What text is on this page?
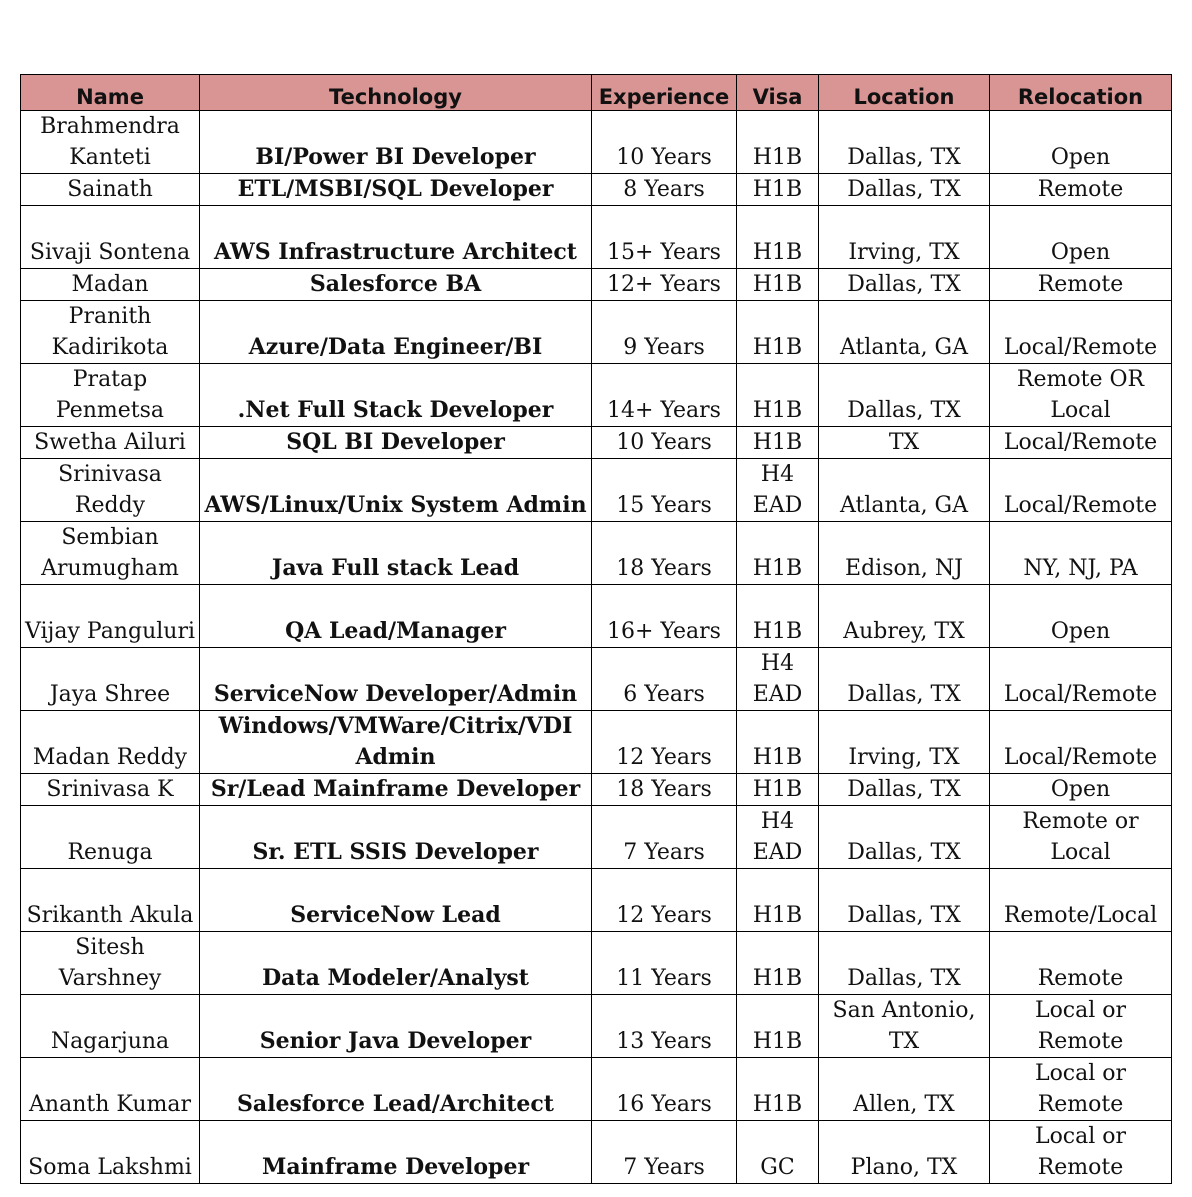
Name	Technology	Experience	Visa	Location	Relocation
Brahmendra Kanteti	BI/Power BI Developer	10 Years	H1B	Dallas, TX	Open
Sainath	ETL/MSBI/SQL Developer	8 Years	H1B	Dallas, TX	Remote
Sivaji Sontena	AWS Infrastructure Architect	15+ Years	H1B	Irving, TX	Open
Madan	Salesforce BA	12+ Years	H1B	Dallas, TX	Remote
Pranith Kadirikota	Azure/Data Engineer/BI	9 Years	H1B	Atlanta, GA	Local/Remote
Pratap Penmetsa	.Net Full Stack Developer	14+ Years	H1B	Dallas, TX	Remote OR Local
Swetha Ailuri	SQL BI Developer	10 Years	H1B	TX	Local/Remote
Srinivasa Reddy	AWS/Linux/Unix System Admin	15 Years	H4 EAD	Atlanta, GA	Local/Remote
Sembian Arumugham	Java Full stack Lead	18 Years	H1B	Edison, NJ	NY, NJ, PA
Vijay Panguluri	QA Lead/Manager	16+ Years	H1B	Aubrey, TX	Open
Jaya Shree	ServiceNow Developer/Admin	6 Years	H4 EAD	Dallas, TX	Local/Remote
Madan Reddy	Windows/VMWare/Citrix/VDI Admin	12 Years	H1B	Irving, TX	Local/Remote
Srinivasa K	Sr/Lead Mainframe Developer	18 Years	H1B	Dallas, TX	Open
Renuga	Sr. ETL SSIS Developer	7 Years	H4 EAD	Dallas, TX	Remote or Local
Srikanth Akula	ServiceNow Lead	12 Years	H1B	Dallas, TX	Remote/Local
Sitesh Varshney	Data Modeler/Analyst	11 Years	H1B	Dallas, TX	Remote
Nagarjuna	Senior Java Developer	13 Years	H1B	San Antonio, TX	Local or Remote
Ananth Kumar	Salesforce Lead/Architect	16 Years	H1B	Allen, TX	Local or Remote
Soma Lakshmi	Mainframe Developer	7 Years	GC	Plano, TX	Local or Remote
